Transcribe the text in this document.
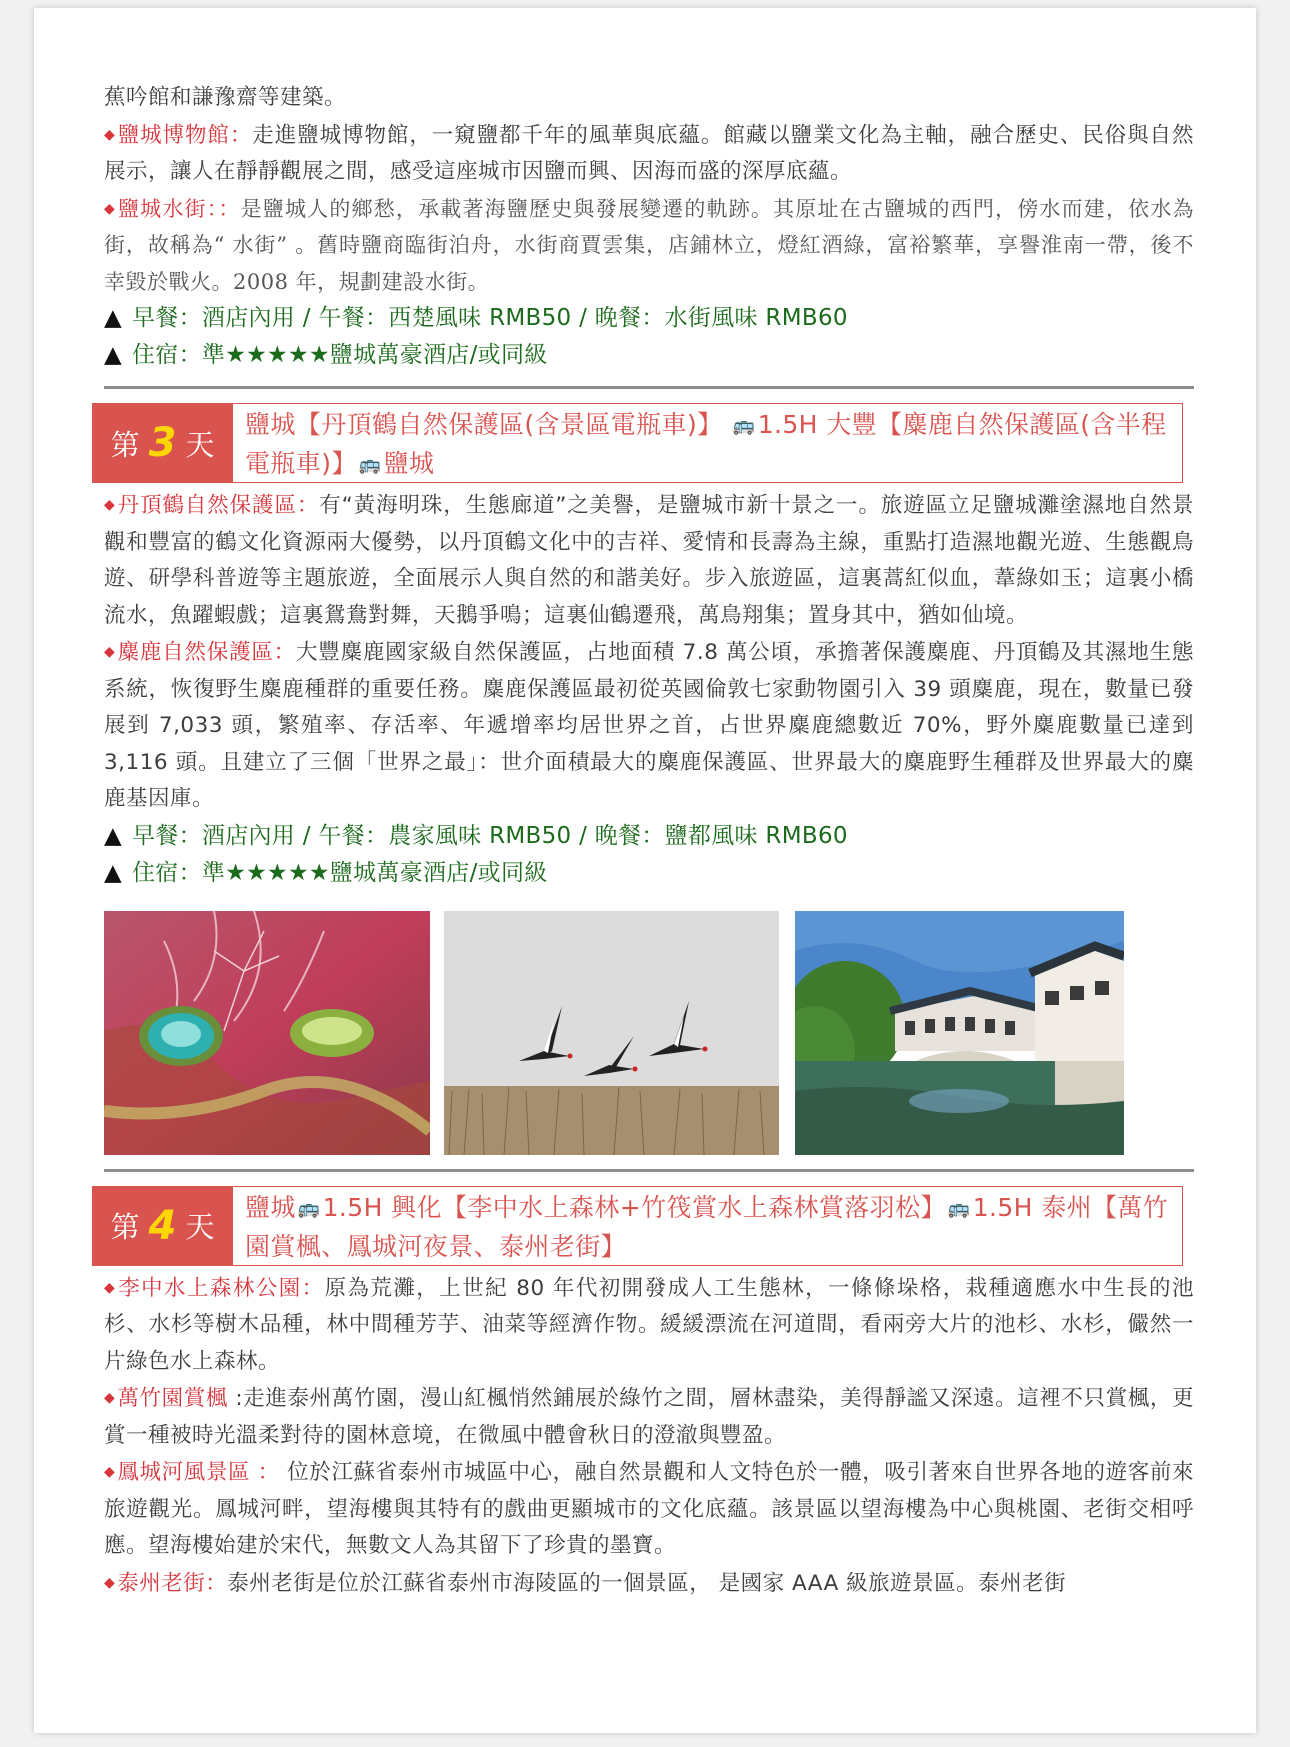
蕉吟館和謙豫齋等建築。

◆鹽城博物館：走進鹽城博物館，一窺鹽都千年的風華與底蘊。館藏以鹽業文化為主軸，融合歷史、民俗與自然展示，讓人在靜靜觀展之間，感受這座城市因鹽而興、因海而盛的深厚底蘊。

◆鹽城水街：：是鹽城人的鄉愁，承載著海鹽歷史與發展變遷的軌跡。其原址在古鹽城的西門，傍水而建，依水為街，故稱為“ 水街” 。舊時鹽商臨街泊舟，水街商賈雲集，店鋪林立，燈紅酒綠，富裕繁華，享譽淮南一帶，後不幸毀於戰火。2008 年，規劃建設水街。

▲ 早餐：酒店內用 / 午餐：西楚風味 RMB50 / 晚餐：水街風味 RMB60
▲ 住宿：準★★★★★鹽城萬豪酒店/或同級
第 3 天
鹽城【丹頂鶴自然保護區(含景區電瓶車)】 🚌1.5H 大豐【麋鹿自然保護區(含半程電瓶車)】 🚌鹽城

◆丹頂鶴自然保護區：有“黃海明珠，生態廊道”之美譽，是鹽城市新十景之一。旅遊區立足鹽城灘塗濕地自然景觀和豐富的鶴文化資源兩大優勢，以丹頂鶴文化中的吉祥、愛情和長壽為主線，重點打造濕地觀光遊、生態觀鳥遊、研學科普遊等主題旅遊，全面展示人與自然的和諧美好。步入旅遊區，這裏蒿紅似血，葦綠如玉；這裏小橋流水，魚躍蝦戲；這裏鴛鴦對舞，天鵝爭鳴；這裏仙鶴遷飛，萬鳥翔集；置身其中，猶如仙境。

◆麋鹿自然保護區：大豐麋鹿國家級自然保護區，占地面積 7.8 萬公頃，承擔著保護麋鹿、丹頂鶴及其濕地生態系統，恢復野生麋鹿種群的重要任務。麋鹿保護區最初從英國倫敦七家動物園引入 39 頭麋鹿，現在，數量已發展到 7,033 頭，繁殖率、存活率、年遞增率均居世界之首，占世界麋鹿總數近 70%，野外麋鹿數量已達到 3,116 頭。且建立了三個「世界之最」：世介面積最大的麋鹿保護區、世界最大的麋鹿野生種群及世界最大的麋鹿基因庫。

▲ 早餐：酒店內用 / 午餐：農家風味 RMB50 / 晚餐：鹽都風味 RMB60
▲ 住宿：準★★★★★鹽城萬豪酒店/或同級
第 4 天
鹽城 🚌1.5H 興化【李中水上森林+竹筏賞水上森林賞落羽松】 🚌1.5H 泰州【萬竹園賞楓、鳳城河夜景、泰州老街】

◆李中水上森林公園：原為荒灘，上世紀 80 年代初開發成人工生態林，一條條垛格，栽種適應水中生長的池杉、水杉等樹木品種，林中間種芳芋、油菜等經濟作物。緩緩漂流在河道間，看兩旁大片的池杉、水杉，儼然一片綠色水上森林。

◆萬竹園賞楓 :走進泰州萬竹園，漫山紅楓悄然鋪展於綠竹之間，層林盡染，美得靜謐又深遠。這裡不只賞楓，更賞一種被時光溫柔對待的園林意境，在微風中體會秋日的澄澈與豐盈。

◆鳳城河風景區 ： 位於江蘇省泰州市城區中心，融自然景觀和人文特色於一體，吸引著來自世界各地的遊客前來旅遊觀光。鳳城河畔，望海樓與其特有的戲曲更顯城市的文化底蘊。該景區以望海樓為中心與桃園、老街交相呼應。望海樓始建於宋代，無數文人為其留下了珍貴的墨寶。

◆泰州老街：泰州老街是位於江蘇省泰州市海陵區的一個景區， 是國家 AAA 級旅遊景區。泰州老街
